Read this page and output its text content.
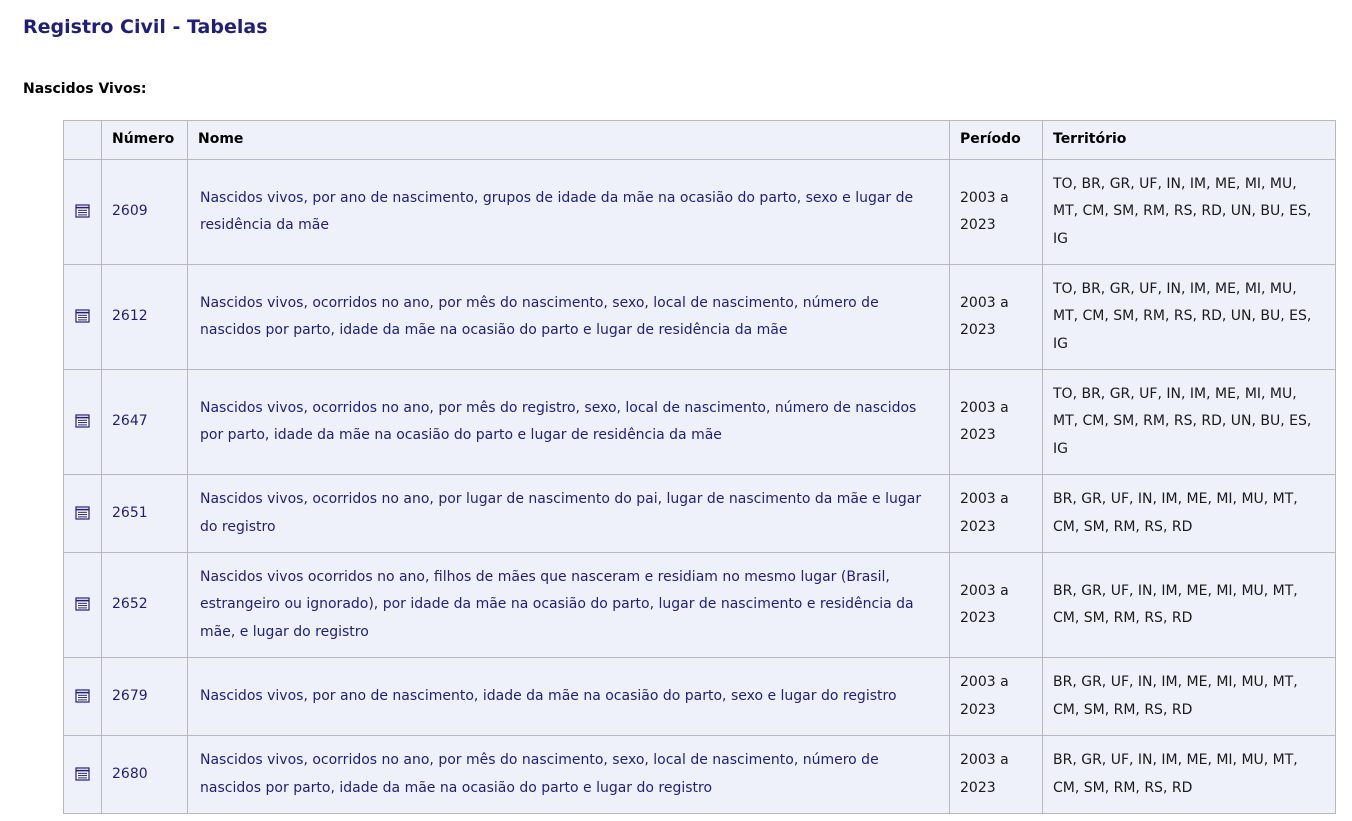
Registro Civil - Tabelas
Nascidos Vivos:
	Número	Nome	Período	Território
	2609	Nascidos vivos, por ano de nascimento, grupos de idade da mãe na ocasião do parto, sexo e lugar de residência da mãe	2003 a 2023	TO, BR, GR, UF, IN, IM, ME, MI, MU, MT, CM, SM, RM, RS, RD, UN, BU, ES, IG
	2612	Nascidos vivos, ocorridos no ano, por mês do nascimento, sexo, local de nascimento, número de nascidos por parto, idade da mãe na ocasião do parto e lugar de residência da mãe	2003 a 2023	TO, BR, GR, UF, IN, IM, ME, MI, MU, MT, CM, SM, RM, RS, RD, UN, BU, ES, IG
	2647	Nascidos vivos, ocorridos no ano, por mês do registro, sexo, local de nascimento, número de nascidos por parto, idade da mãe na ocasião do parto e lugar de residência da mãe	2003 a 2023	TO, BR, GR, UF, IN, IM, ME, MI, MU, MT, CM, SM, RM, RS, RD, UN, BU, ES, IG
	2651	Nascidos vivos, ocorridos no ano, por lugar de nascimento do pai, lugar de nascimento da mãe e lugar do registro	2003 a 2023	BR, GR, UF, IN, IM, ME, MI, MU, MT, CM, SM, RM, RS, RD
	2652	Nascidos vivos ocorridos no ano, filhos de mães que nasceram e residiam no mesmo lugar (Brasil, estrangeiro ou ignorado), por idade da mãe na ocasião do parto, lugar de nascimento e residência da mãe, e lugar do registro	2003 a 2023	BR, GR, UF, IN, IM, ME, MI, MU, MT, CM, SM, RM, RS, RD
	2679	Nascidos vivos, por ano de nascimento, idade da mãe na ocasião do parto, sexo e lugar do registro	2003 a 2023	BR, GR, UF, IN, IM, ME, MI, MU, MT, CM, SM, RM, RS, RD
	2680	Nascidos vivos, ocorridos no ano, por mês do nascimento, sexo, local de nascimento, número de nascidos por parto, idade da mãe na ocasião do parto e lugar do registro	2003 a 2023	BR, GR, UF, IN, IM, ME, MI, MU, MT, CM, SM, RM, RS, RD
